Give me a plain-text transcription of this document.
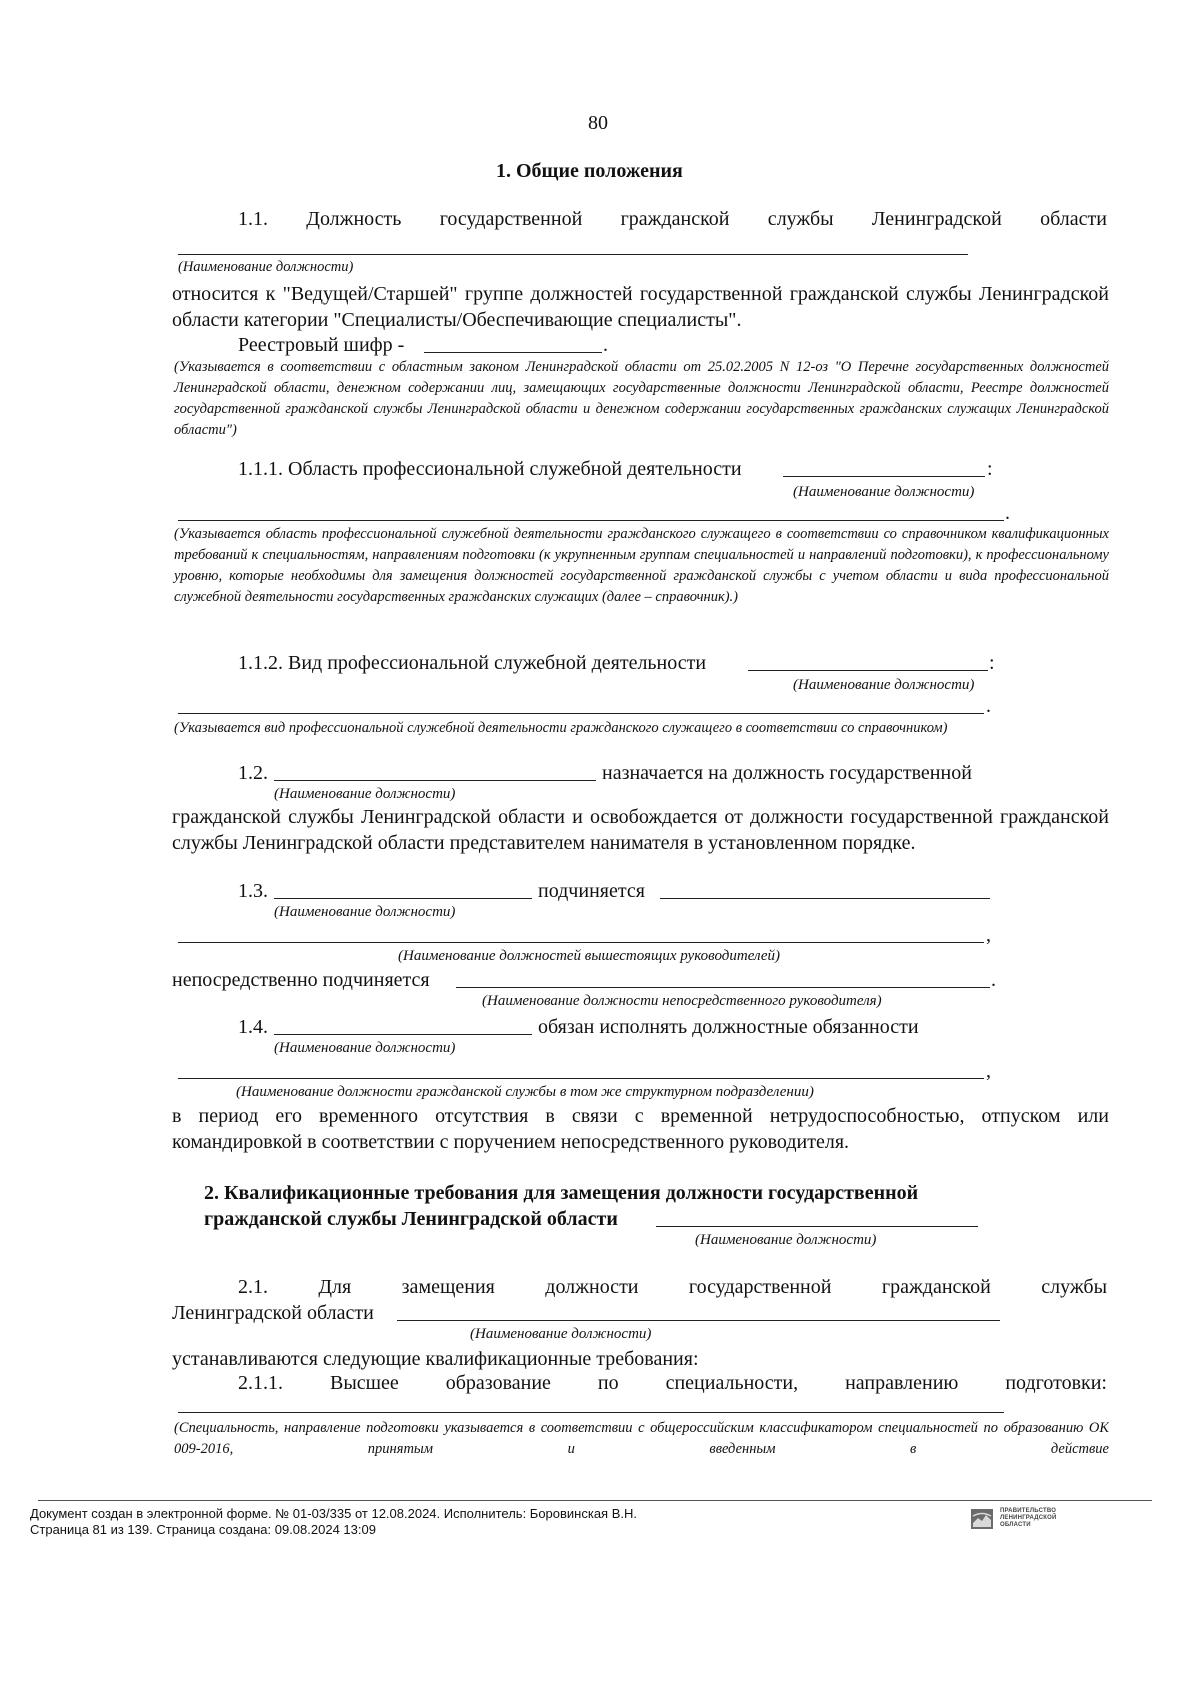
80
1. Общие положения
1.1. Должность государственной гражданской службы Ленинградской области
(Наименование должности)
относится к "Ведущей/Старшей" группе должностей государственной гражданской службы Ленинградской области категории "Специалисты/Обеспечивающие специалисты".
Реестровый шифр -	.
(Указывается в соответствии с областным законом Ленинградской области от 25.02.2005 N 12-оз "О Перечне государственных должностей Ленинградской области, денежном содержании лиц, замещающих государственные должности Ленинградской области, Реестре должностей государственной гражданской службы Ленинградской области и денежном содержании государственных гражданских служащих Ленинградской области")
1.1.1. Область профессиональной служебной деятельности	:
(Наименование должности)
.
(Указывается область профессиональной служебной деятельности гражданского служащего в соответствии со справочником квалификационных требований к специальностям, направлениям подготовки (к укрупненным группам специальностей и направлений подготовки), к профессиональному уровню, которые необходимы для замещения должностей государственной гражданской службы с учетом области и вида профессиональной служебной деятельности государственных гражданских служащих (далее – справочник).)
1.1.2. Вид профессиональной служебной деятельности	:
(Наименование должности)
.
(Указывается вид профессиональной служебной деятельности гражданского служащего в соответствии со справочником)
1.2.	назначается на должность государственной
(Наименование должности)
гражданской службы Ленинградской области и освобождается от должности государственной гражданской службы Ленинградской области представителем нанимателя в установленном порядке.
1.3.	подчиняется
(Наименование должности)
,
(Наименование должностей вышестоящих руководителей)
непосредственно подчиняется	.
(Наименование должности непосредственного руководителя)
1.4.	обязан исполнять должностные обязанности
(Наименование должности)
,
(Наименование должности гражданской службы в том же структурном подразделении)
в период его временного отсутствия в связи с временной нетрудоспособностью, отпуском или командировкой в соответствии с поручением непосредственного руководителя.
2. Квалификационные требования для замещения должности государственной
гражданской службы Ленинградской области
(Наименование должности)
2.1. Для замещения должности государственной гражданской службы
Ленинградской области
(Наименование должности)
устанавливаются следующие квалификационные требования:
2.1.1. Высшее образование по специальности, направлению подготовки:
(Специальность, направление подготовки указывается в соответствии с общероссийским классификатором специальностей по образованию ОК 009-2016, принятым и введенным в действие
Документ создан в электронной форме. № 01-03/335 от 12.08.2024. Исполнитель: Боровинская В.Н.
Страница 81 из 139. Страница создана: 09.08.2024 13:09
ПРАВИТЕЛЬСТВО
ЛЕНИНГРАДСКОЙ
ОБЛАСТИ
